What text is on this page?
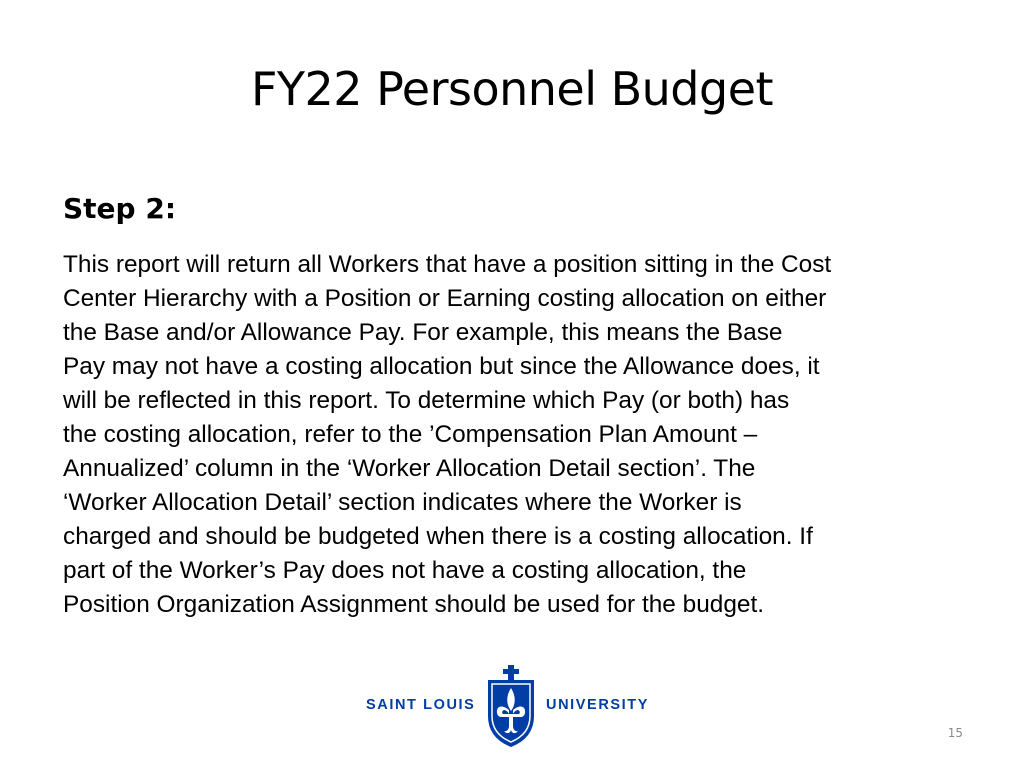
FY22 Personnel Budget
Step 2:

This report will return all Workers that have a position sitting in the Cost
Center Hierarchy with a Position or Earning costing allocation on either
the Base and/or Allowance Pay. For example, this means the Base
Pay may not have a costing allocation but since the Allowance does, it
will be reflected in this report. To determine which Pay (or both) has
the costing allocation, refer to the ’Compensation Plan Amount –
Annualized’ column in the ‘Worker Allocation Detail section’. The
‘Worker Allocation Detail’ section indicates where the Worker is
charged and should be budgeted when there is a costing allocation. If
part of the Worker’s Pay does not have a costing allocation, the
Position Organization Assignment should be used for the budget.

SAINT LOUIS	UNIVERSITY
15
